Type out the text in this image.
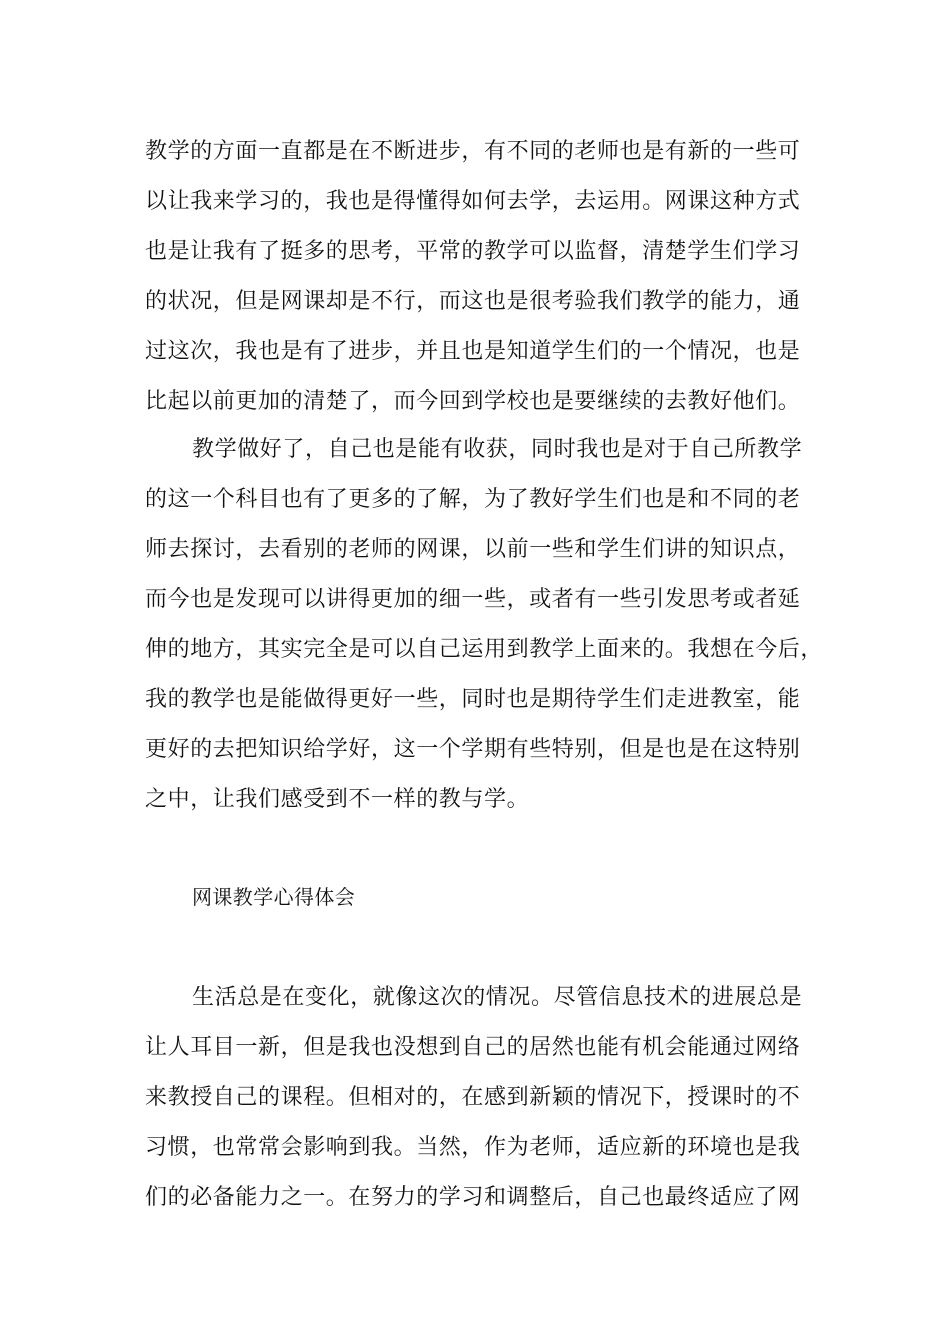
教学的方面一直都是在不断进步，有不同的老师也是有新的一些可
以让我来学习的，我也是得懂得如何去学，去运用。网课这种方式
也是让我有了挺多的思考，平常的教学可以监督，清楚学生们学习
的状况，但是网课却是不行，而这也是很考验我们教学的能力，通
过这次，我也是有了进步，并且也是知道学生们的一个情况，也是
比起以前更加的清楚了，而今回到学校也是要继续的去教好他们。
教学做好了，自己也是能有收获，同时我也是对于自己所教学
的这一个科目也有了更多的了解，为了教好学生们也是和不同的老
师去探讨，去看别的老师的网课，以前一些和学生们讲的知识点，
而今也是发现可以讲得更加的细一些，或者有一些引发思考或者延
伸的地方，其实完全是可以自己运用到教学上面来的。我想在今后，
我的教学也是能做得更好一些，同时也是期待学生们走进教室，能
更好的去把知识给学好，这一个学期有些特别，但是也是在这特别
之中，让我们感受到不一样的教与学。
网课教学心得体会
生活总是在变化，就像这次的情况。尽管信息技术的进展总是
让人耳目一新，但是我也没想到自己的居然也能有机会能通过网络
来教授自己的课程。但相对的，在感到新颖的情况下，授课时的不
习惯，也常常会影响到我。当然，作为老师，适应新的环境也是我
们的必备能力之一。在努力的学习和调整后，自己也最终适应了网
